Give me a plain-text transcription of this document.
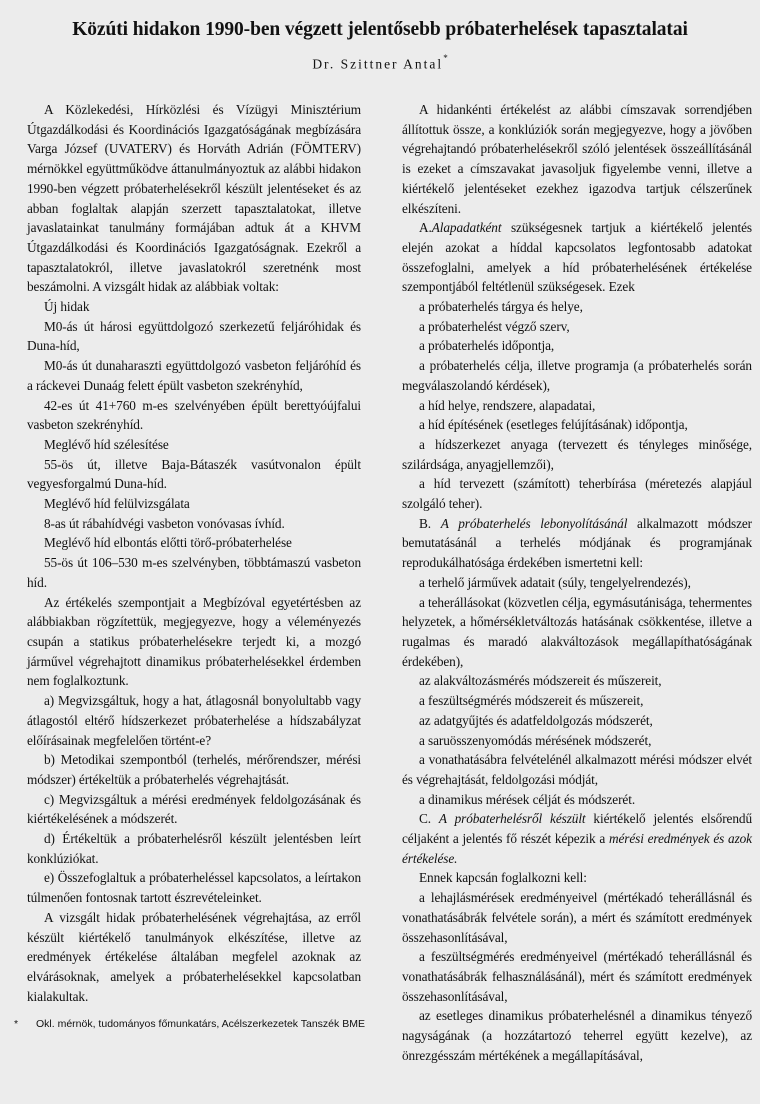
Közúti hidakon 1990-ben végzett jelentősebb próbaterhelések tapasztalatai
Dr. Szittner Antal*

A Közlekedési, Hírközlési és Vízügyi Minisztérium Útgazdálkodási és Koordinációs Igazgatóságának megbízására Varga József (UVATERV) és Horváth Adrián (FÖMTERV) mérnökkel együttműködve áttanulmányoztuk az alábbi hidakon 1990-ben végzett próbaterhelésekről készült jelentéseket és az abban foglaltak alapján szerzett tapasztalatokat, illetve javaslatainkat tanulmány formájában adtuk át a KHVM Útgazdálkodási és Koordinációs Igazgatóságnak. Ezekről a tapasztalatokról, illetve javaslatokról szeretnénk most beszámolni. A vizsgált hidak az alábbiak voltak:

Új hidak

M0-ás út hárosi együttdolgozó szerkezetű feljáróhidak és Duna-híd,

M0-ás út dunaharaszti együttdolgozó vasbeton feljáróhíd és a ráckevei Dunaág felett épült vasbeton szekrényhíd,

42-es út 41+760 m-es szelvényében épült berettyóújfalui vasbeton szekrényhíd.

Meglévő híd szélesítése

55-ös út, illetve Baja-Bátaszék vasútvonalon épült vegyesforgalmú Duna-híd.

Meglévő híd felülvizsgálata

8-as út rábahídvégi vasbeton vonóvasas ívhíd.

Meglévő híd elbontás előtti törő-próbaterhelése

55-ös út 106–530 m-es szelvényben, többtámaszú vasbeton híd.

Az értékelés szempontjait a Megbízóval egyetértésben az alábbiakban rögzítettük, megjegyezve, hogy a véleményezés csupán a statikus próbaterhelésekre terjedt ki, a mozgó járművel végrehajtott dinamikus próbaterhelésekkel érdemben nem foglalkoztunk.

a) Megvizsgáltuk, hogy a hat, átlagosnál bonyolultabb vagy átlagostól eltérő hídszerkezet próbaterhelése a hídszabályzat előírásainak megfelelően történt-e?

b) Metodikai szempontból (terhelés, mérőrendszer, mérési módszer) értékeltük a próbaterhelés végrehajtását.

c) Megvizsgáltuk a mérési eredmények feldolgozásának és kiértékelésének a módszerét.

d) Értékeltük a próbaterhelésről készült jelentésben leírt konklúziókat.

e) Összefoglaltuk a próbaterheléssel kapcsolatos, a leírtakon túlmenően fontosnak tartott észrevételeinket.

A vizsgált hidak próbaterhelésének végrehajtása, az erről készült kiértékelő tanulmányok elkészítése, illetve az eredmények értékelése általában megfelel azoknak az elvárásoknak, amelyek a próbaterhelésekkel kapcsolatban kialakultak.

A hidankénti értékelést az alábbi címszavak sorrendjében állítottuk össze, a konklúziók során megjegyezve, hogy a jövőben végrehajtandó próbaterhelésekről szóló jelentések összeállításánál is ezeket a címszavakat javasoljuk figyelembe venni, illetve a kiértékelő jelentéseket ezekhez igazodva tartjuk célszerűnek elkészíteni.

A.Alapadatként szükségesnek tartjuk a kiértékelő jelentés elején azokat a híddal kapcsolatos legfontosabb adatokat összefoglalni, amelyek a híd próbaterhelésének értékelése szempontjából feltétlenül szükségesek. Ezek

a próbaterhelés tárgya és helye,

a próbaterhelést végző szerv,

a próbaterhelés időpontja,

a próbaterhelés célja, illetve programja (a próbaterhelés során megválaszolandó kérdések),

a híd helye, rendszere, alapadatai,

a híd építésének (esetleges felújításának) időpontja,

a hídszerkezet anyaga (tervezett és tényleges minősége, szilárdsága, anyagjellemzői),

a híd tervezett (számított) teherbírása (méretezés alapjául szolgáló teher).

B. A próbaterhelés lebonyolításánál alkalmazott módszer bemutatásánál a terhelés módjának és programjának reprodukálhatósága érdekében ismertetni kell:

a terhelő járművek adatait (súly, tengelyelrendezés),

a teherállásokat (közvetlen célja, egymásutánisága, tehermentes helyzetek, a hőmérsékletváltozás hatásának csökkentése, illetve a rugalmas és maradó alakváltozások megállapíthatóságának érdekében),

az alakváltozásmérés módszereit és műszereit,

a feszültségmérés módszereit és műszereit,

az adatgyűjtés és adatfeldolgozás módszerét,

a saruösszenyomódás mérésének módszerét,

a vonathatásábra felvételénél alkalmazott mérési módszer elvét és végrehajtását, feldolgozási módját,

a dinamikus mérések célját és módszerét.

C. A próbaterhelésről készült kiértékelő jelentés elsőrendű céljaként a jelentés fő részét képezik a mérési eredmények és azok értékelése.

Ennek kapcsán foglalkozni kell:

a lehajlásmérések eredményeivel (mértékadó teherállásnál és vonathatásábrák felvétele során), a mért és számított eredmények összehasonlításával,

a feszültségmérés eredményeivel (mértékadó teherállásnál és vonathatásábrák felhasználásánál), mért és számított eredmények összehasonlításával,

az esetleges dinamikus próbaterhelésnél a dinamikus tényező nagyságának (a hozzátartozó teherrel együtt kezelve), az önrezgésszám mértékének a megállapításával,

* Okl. mérnök, tudományos főmunkatárs, Acélszerkezetek Tanszék BME
